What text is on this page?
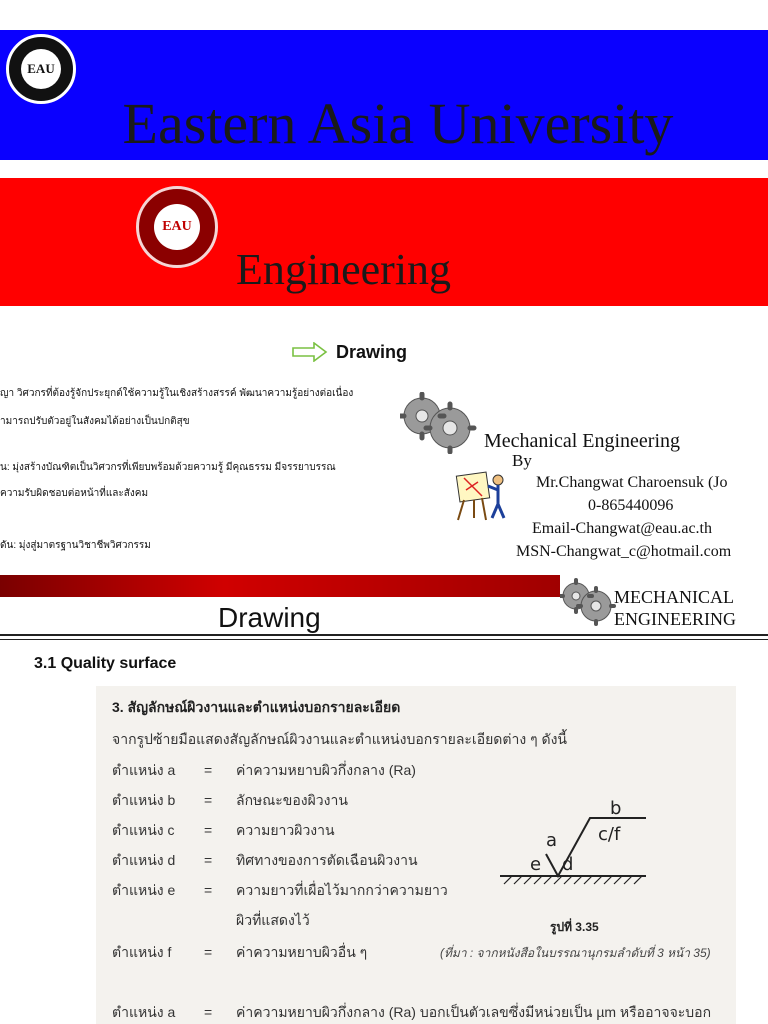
EAU
Eastern Asia University
EAU
Engineering
Drawing
ญา วิศวกรที่ต้องรู้จักประยุกต์ใช้ความรู้ในเชิงสร้างสรรค์ พัฒนาความรู้อย่างต่อเนื่อง
ามารถปรับตัวอยู่ในสังคมได้อย่างเป็นปกติสุข
น: มุ่งสร้างบัณฑิตเป็นวิศวกรที่เพียบพร้อมด้วยความรู้ มีคุณธรรม มีจรรยาบรรณ
ความรับผิดชอบต่อหน้าที่และสังคม
ดัน: มุ่งสู่มาตรฐานวิชาชีพวิศวกรรม
Mechanical Engineering
By
Mr.Changwat Charoensuk (Jo
0-865440096
Email-Changwat@eau.ac.th
MSN-Changwat_c@hotmail.com
Drawing
MECHANICAL
ENGINEERING
3.1 Quality surface
3. สัญลักษณ์ผิวงานและตำแหน่งบอกรายละเอียด
จากรูปซ้ายมือแสดงสัญลักษณ์ผิวงานและตำแหน่งบอกรายละเอียดต่าง ๆ ดังนี้
ตำแหน่ง a = ค่าความหยาบผิวกึ่งกลาง (Ra)
ตำแหน่ง b = ลักษณะของผิวงาน
ตำแหน่ง c = ความยาวผิวงาน
ตำแหน่ง d = ทิศทางของการตัดเฉือนผิวงาน
ตำแหน่ง e = ความยาวที่เผื่อไว้มากกว่าความยาว
ผิวที่แสดงไว้
ตำแหน่ง f = ค่าความหยาบผิวอื่น ๆ
ตำแหน่ง a = ค่าความหยาบผิวกึ่งกลาง (Ra) บอกเป็นตัวเลขซึ่งมีหน่วยเป็น µm หรืออาจจะบอก
a
b
c/f
d
e
รูปที่ 3.35
(ที่มา : จากหนังสือในบรรณานุกรมลำดับที่ 3 หน้า 35)
